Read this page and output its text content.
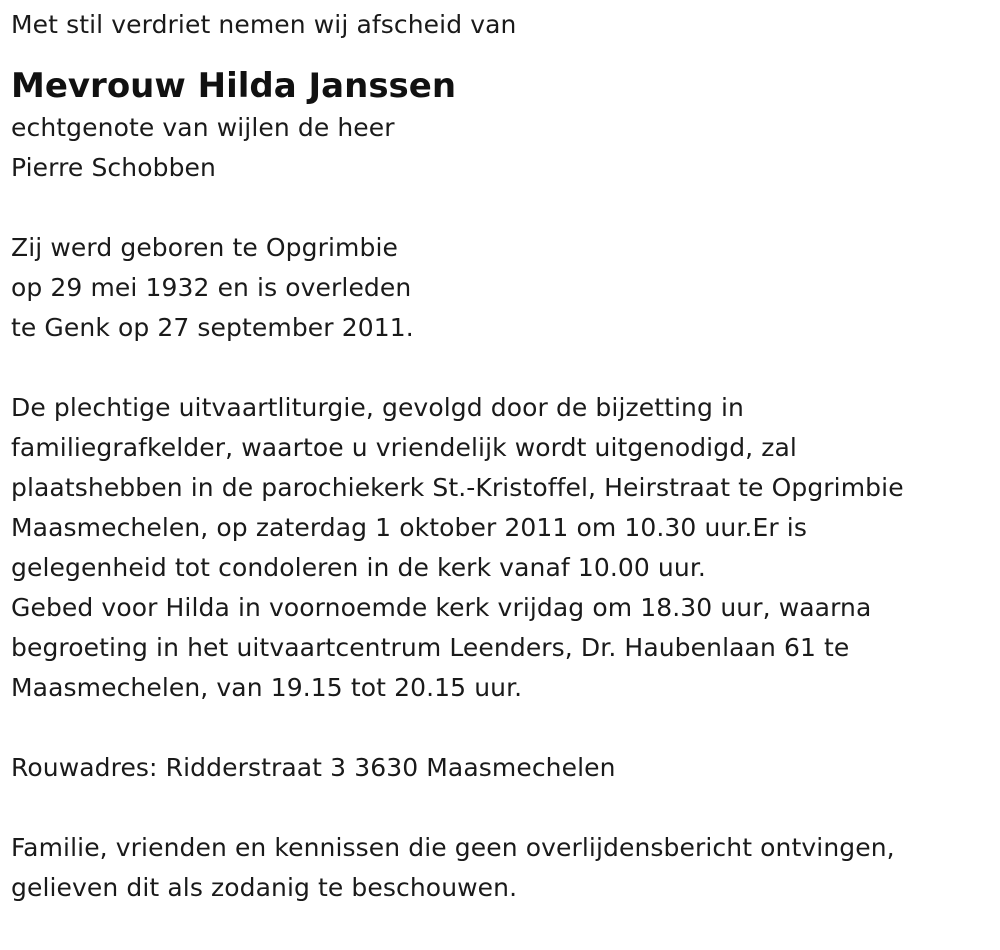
Met stil verdriet nemen wij afscheid van
Mevrouw Hilda Janssen
echtgenote van wijlen de heer
Pierre Schobben
Zij werd geboren te Opgrimbie
op 29 mei 1932 en is overleden
te Genk op 27 september 2011.
De plechtige uitvaartliturgie, gevolgd door de bijzetting in
familiegrafkelder, waartoe u vriendelijk wordt uitgenodigd, zal
plaatshebben in de parochiekerk St.-Kristoffel, Heirstraat te Opgrimbie
Maasmechelen, op zaterdag 1 oktober 2011 om 10.30 uur.Er is
gelegenheid tot condoleren in de kerk vanaf 10.00 uur.
Gebed voor Hilda in voornoemde kerk vrijdag om 18.30 uur, waarna
begroeting in het uitvaartcentrum Leenders, Dr. Haubenlaan 61 te
Maasmechelen, van 19.15 tot 20.15 uur.
Rouwadres: Ridderstraat 3 3630 Maasmechelen
Familie, vrienden en kennissen die geen overlijdensbericht ontvingen,
gelieven dit als zodanig te beschouwen.
